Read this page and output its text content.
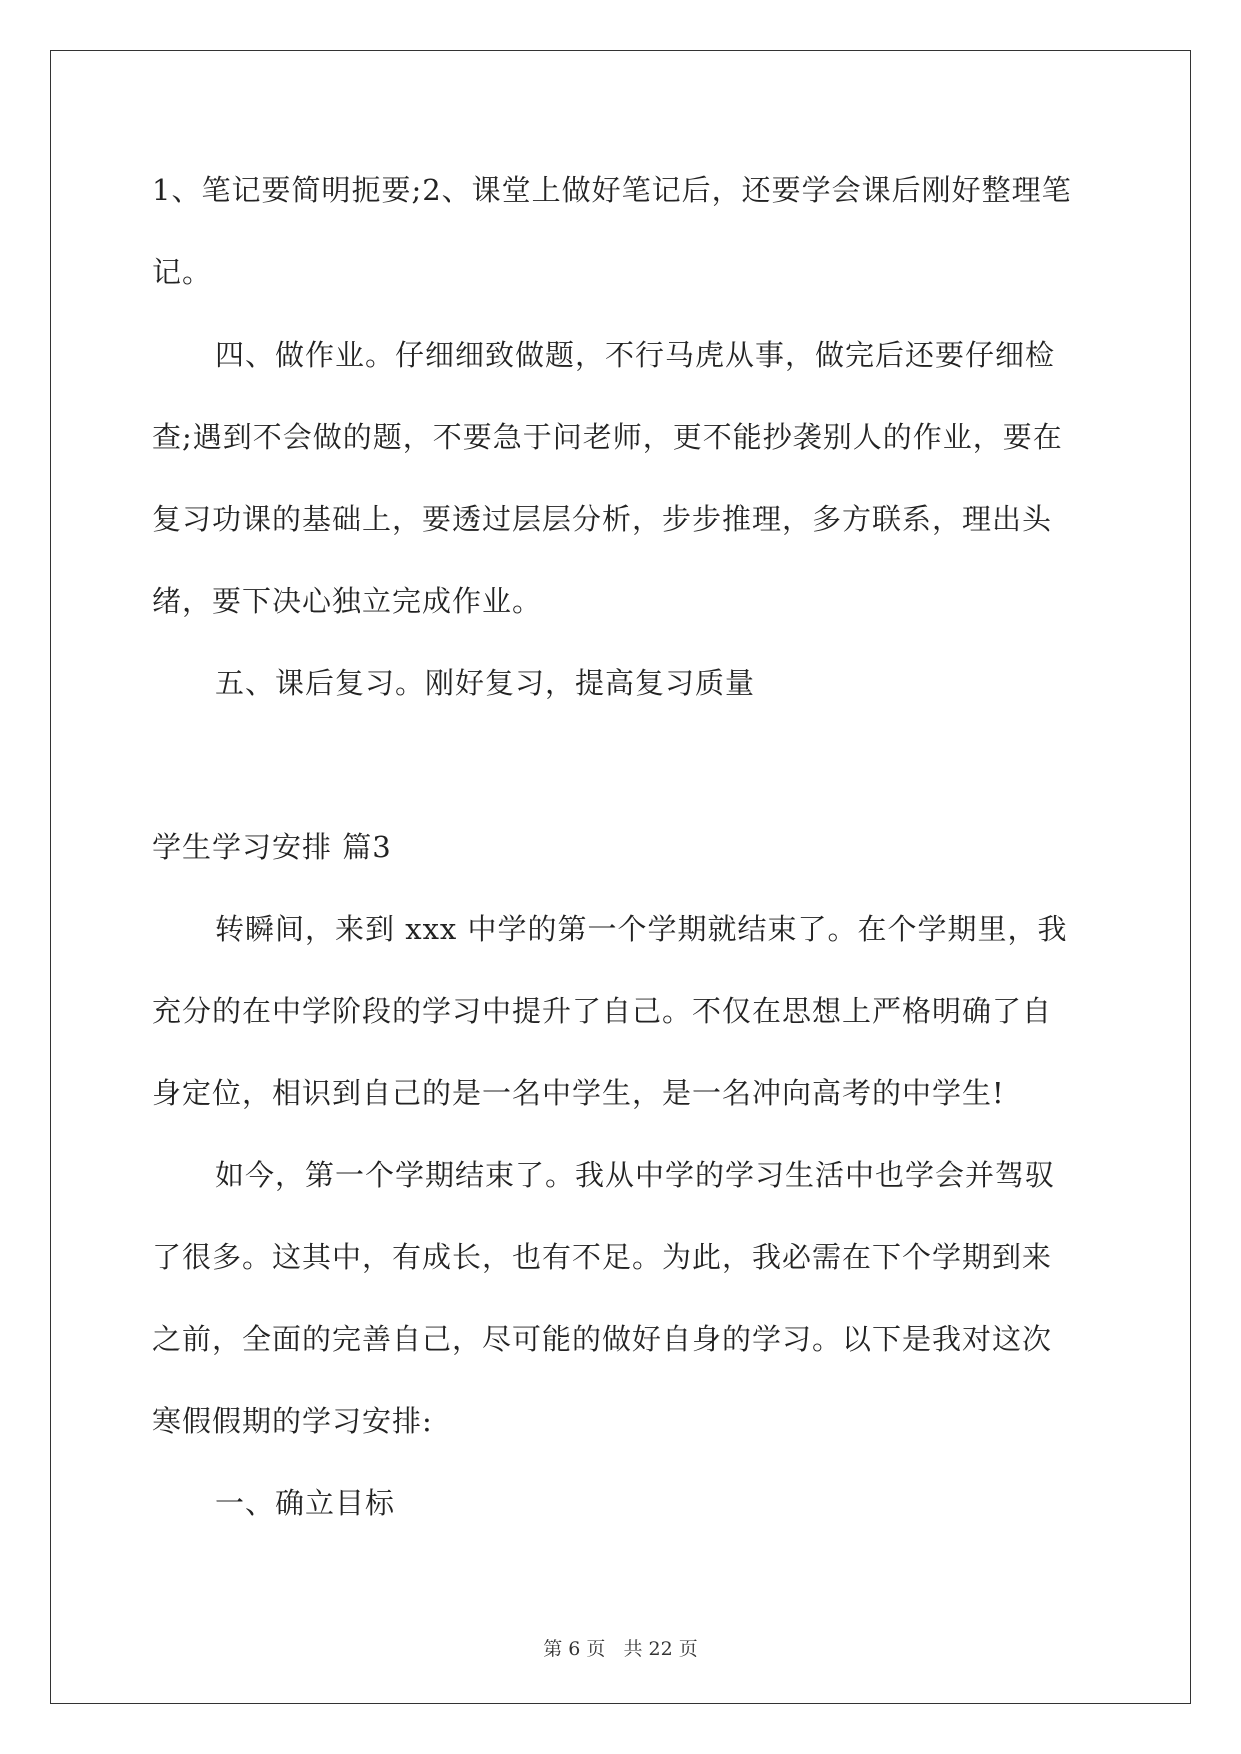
1、笔记要简明扼要;2、课堂上做好笔记后，还要学会课后刚好整理笔
记。
四、做作业。仔细细致做题，不行马虎从事，做完后还要仔细检
查;遇到不会做的题，不要急于问老师，更不能抄袭别人的作业，要在
复习功课的基础上，要透过层层分析，步步推理，多方联系，理出头
绪，要下决心独立完成作业。
五、课后复习。刚好复习，提高复习质量
学生学习安排 篇3
转瞬间，来到 xxx 中学的第一个学期就结束了。在个学期里，我
充分的在中学阶段的学习中提升了自己。不仅在思想上严格明确了自
身定位，相识到自己的是一名中学生，是一名冲向高考的中学生!
如今，第一个学期结束了。我从中学的学习生活中也学会并驾驭
了很多。这其中，有成长，也有不足。为此，我必需在下个学期到来
之前，全面的完善自己，尽可能的做好自身的学习。以下是我对这次
寒假假期的学习安排:
一、确立目标
第 6 页 共 22 页
